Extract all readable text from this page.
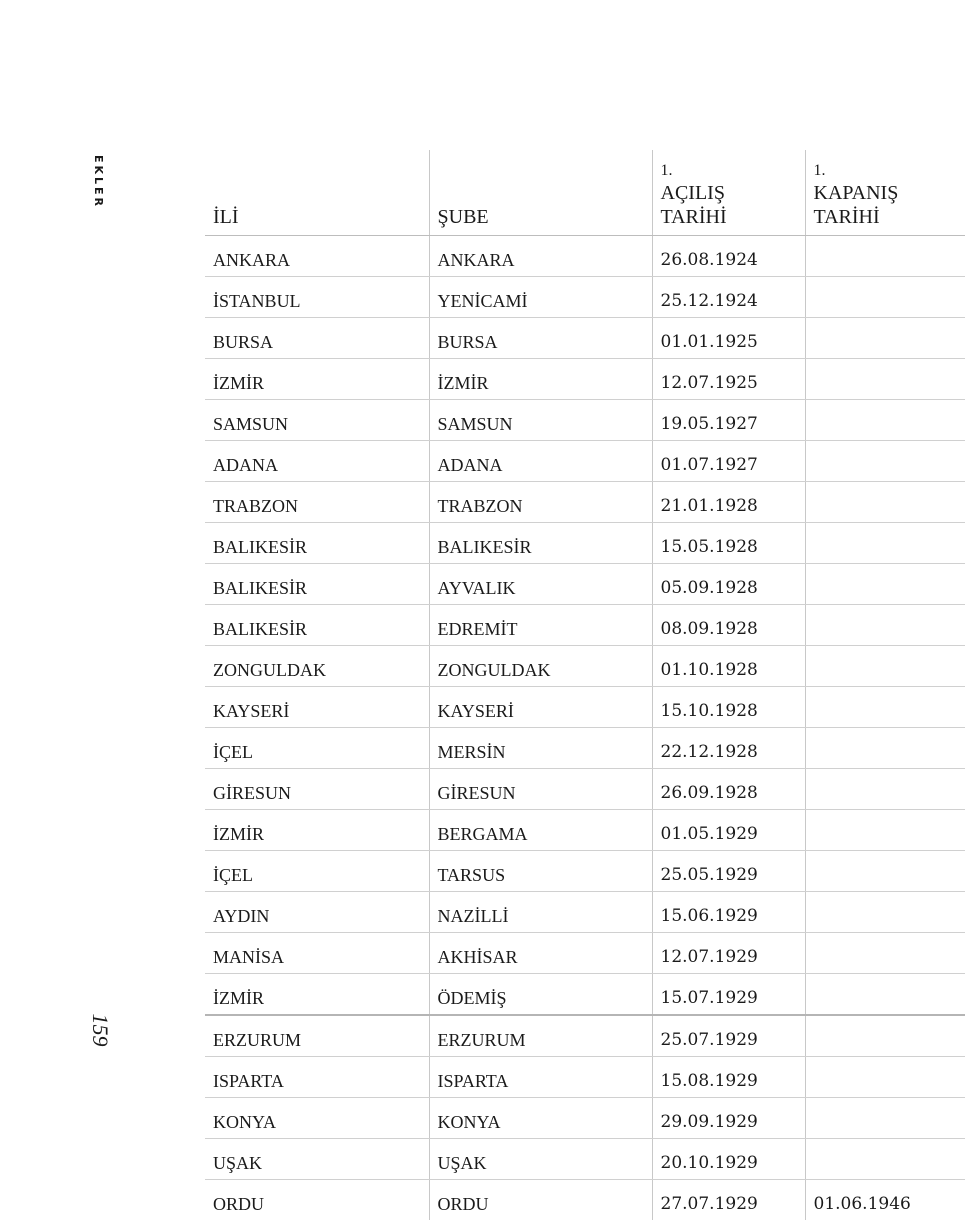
EKLER
İLİ	ŞUBE	1.
AÇILIŞ
TARİHİ	1.
KAPANIŞ
TARİHİ

ANKARA	ANKARA	26.08.1924	
İSTANBUL	YENİCAMİ	25.12.1924	
BURSA	BURSA	01.01.1925	
İZMİR	İZMİR	12.07.1925	
SAMSUN	SAMSUN	19.05.1927	
ADANA	ADANA	01.07.1927	
TRABZON	TRABZON	21.01.1928	
BALIKESİR	BALIKESİR	15.05.1928	
BALIKESİR	AYVALIK	05.09.1928	
BALIKESİR	EDREMİT	08.09.1928	
ZONGULDAK	ZONGULDAK	01.10.1928	
KAYSERİ	KAYSERİ	15.10.1928	
İÇEL	MERSİN	22.12.1928	
GİRESUN	GİRESUN	26.09.1928	
İZMİR	BERGAMA	01.05.1929	
İÇEL	TARSUS	25.05.1929	
AYDIN	NAZİLLİ	15.06.1929	
MANİSA	AKHİSAR	12.07.1929	
İZMİR	ÖDEMİŞ	15.07.1929	
ERZURUM	ERZURUM	25.07.1929	
ISPARTA	ISPARTA	15.08.1929	
KONYA	KONYA	29.09.1929	
UŞAK	UŞAK	20.10.1929	
ORDU	ORDU	27.07.1929	01.06.1946
159
